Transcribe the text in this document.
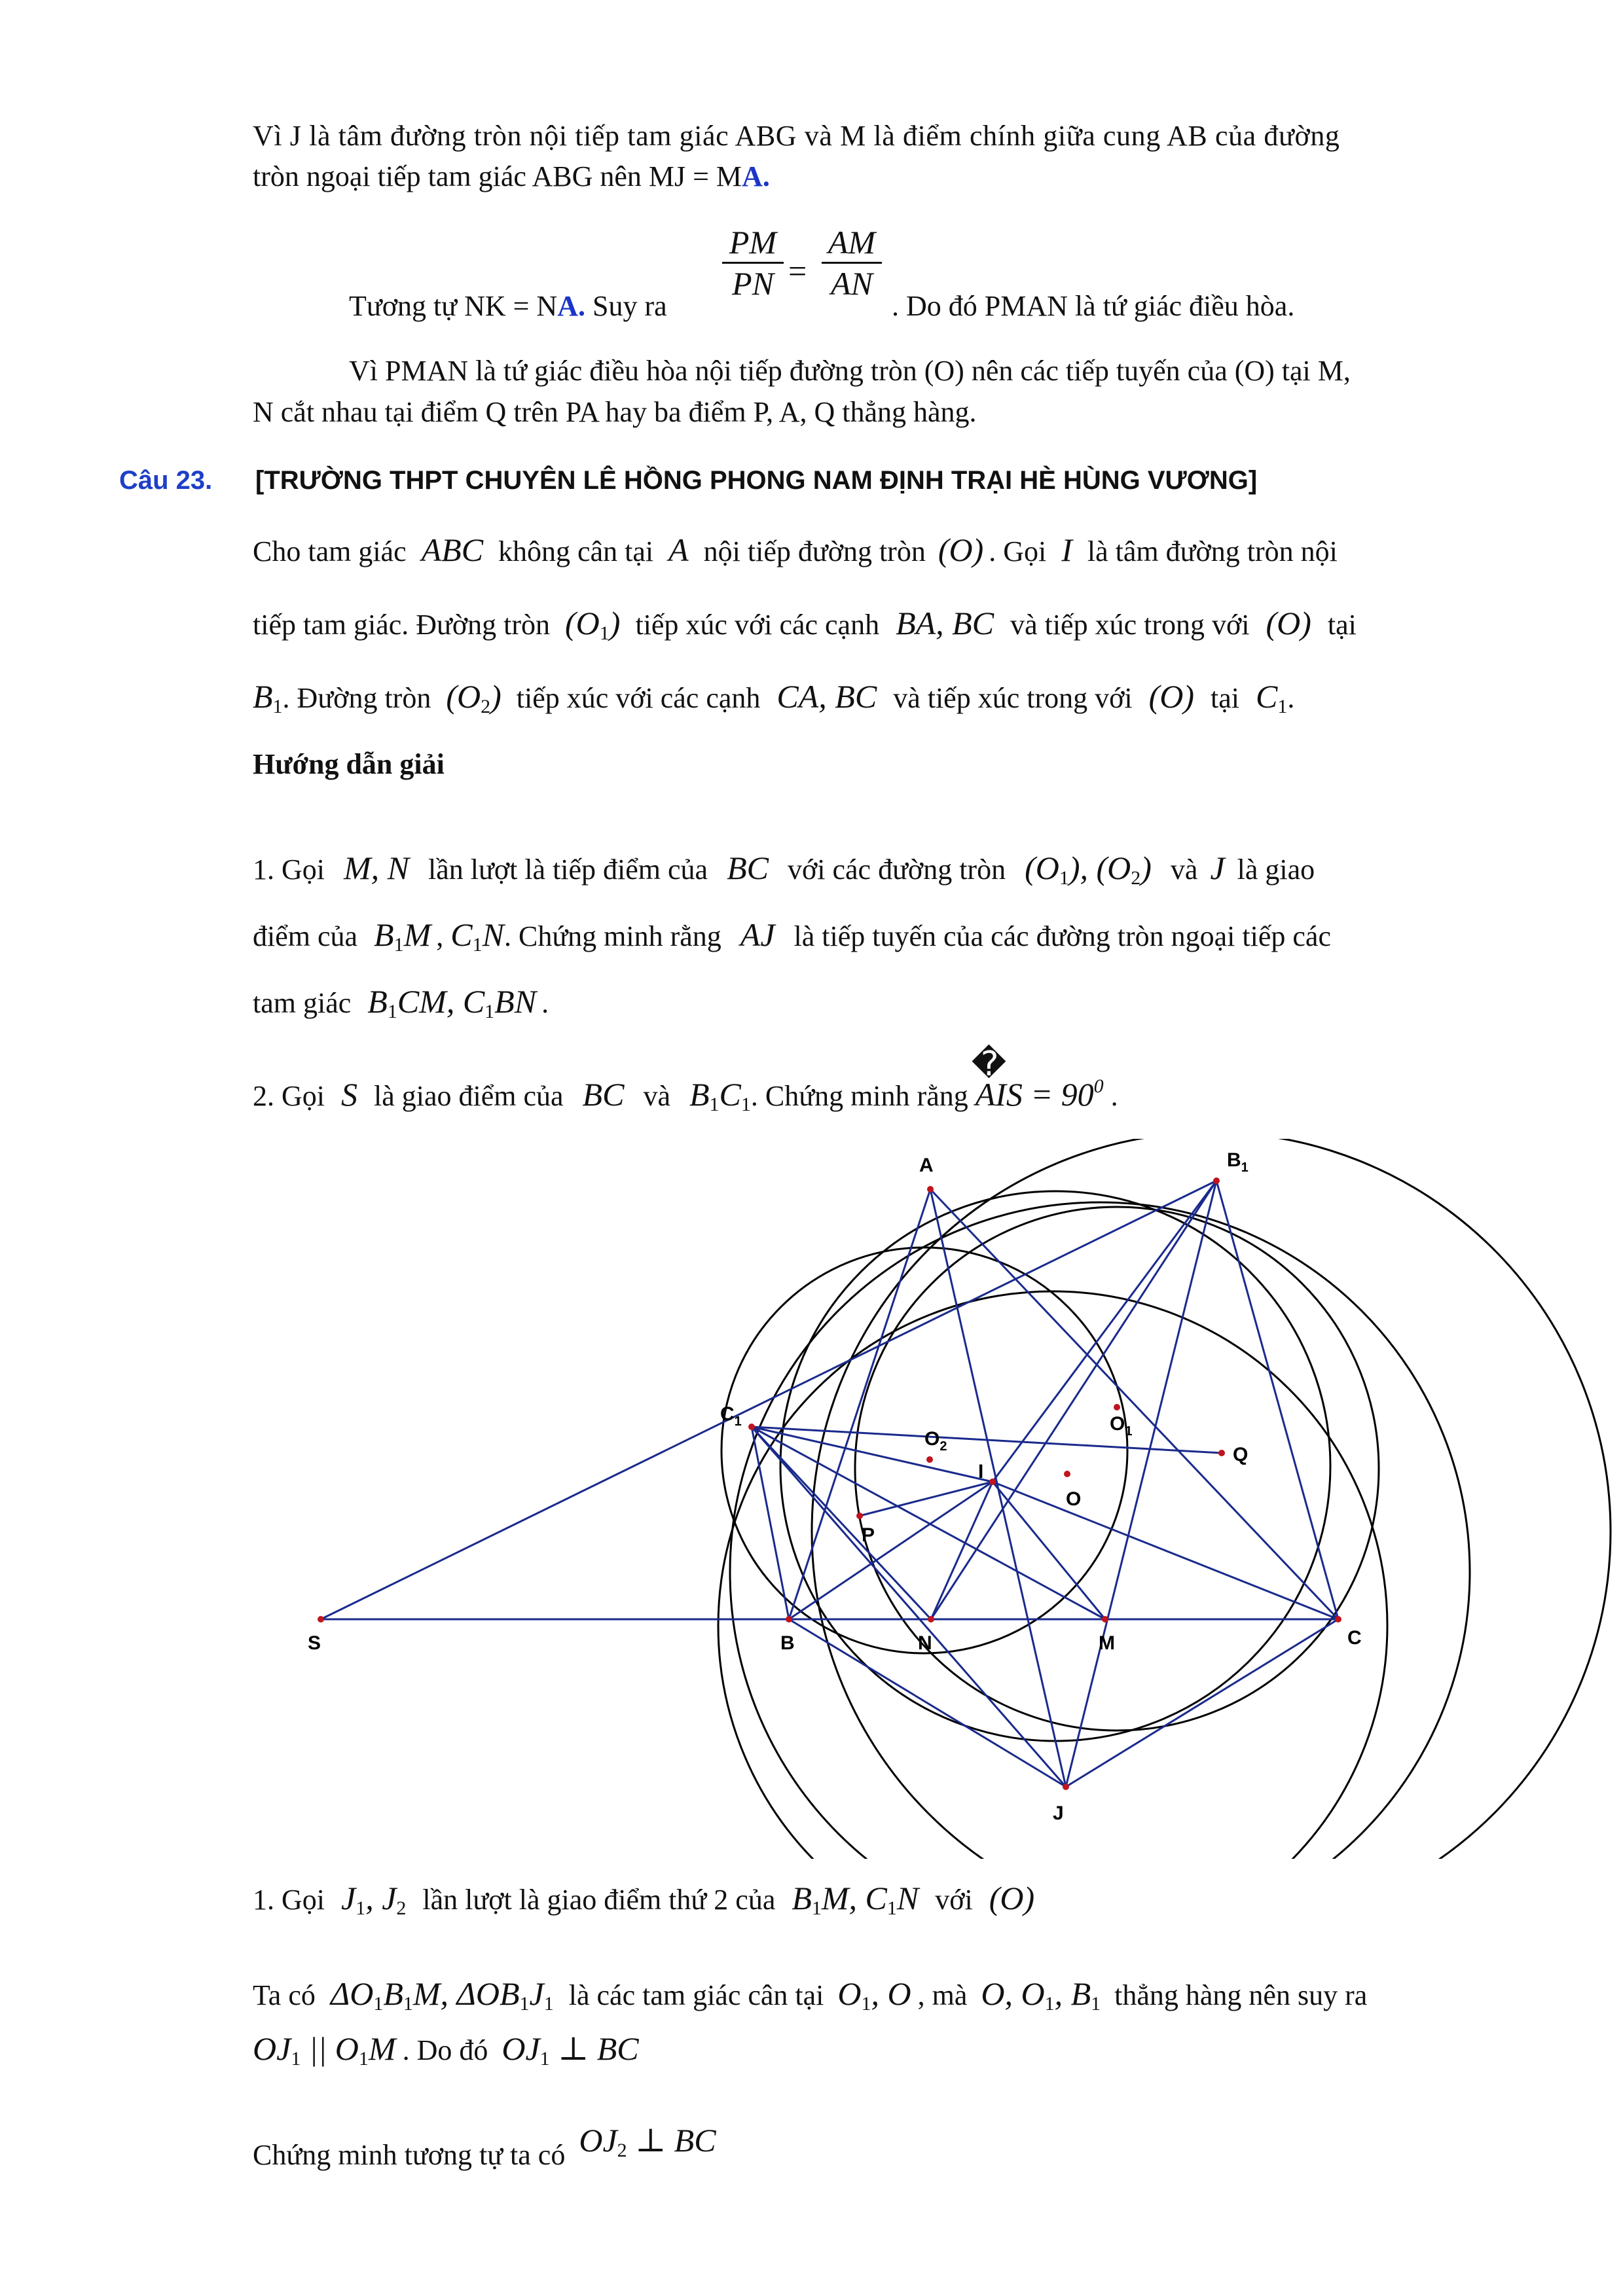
Vì J là tâm đường tròn nội tiếp tam giác ABG và M là điểm chính giữa cung AB của đường
tròn ngoại tiếp tam giác ABG nên MJ = MA.
PM
PN =
AM
AN
Tương tự NK = NA. Suy ra	. Do đó PMAN là tứ giác điều hòa.
Vì PMAN là tứ giác điều hòa nội tiếp đường tròn (O) nên các tiếp tuyến của (O) tại M,
N cắt nhau tại điểm Q trên PA hay ba điểm P, A, Q thẳng hàng.
Câu 23. [TRƯỜNG THPT CHUYÊN LÊ HỒNG PHONG NAM ĐỊNH TRẠI HÈ HÙNG VƯƠNG]
Cho tam giác ABC không cân tại A nội tiếp đường tròn (O) . Gọi I là tâm đường tròn nội
tiếp tam giác. Đường tròn $(O_1)$ tiếp xúc với các cạnh BA, BC và tiếp xúc trong với (O) tại
$B_1$. Đường tròn $(O_2)$ tiếp xúc với các cạnh CA, BC và tiếp xúc trong với (O) tại $C_1$.
Hướng dẫn giải
1. Gọi M, N lần lượt là tiếp điểm của BC với các đường tròn $(O_1)$, $(O_2)$ và J là giao
điểm của $B_1M$ , $C_1N$. Chứng minh rằng AJ là tiếp tuyến của các đường tròn ngoại tiếp các
tam giác $B_1CM$, $C_1BN$ .
2. Gọi S là giao điểm của BC và $B_1C_1$. Chứng minh rằng
�
AIS = $90^0$ .
A	$B_1$
$C_1$	$O_1$
$O_2$
I
O
Q
P
S	B	N	M	C
J
1. Gọi $J_1$, $J_2$ lần lượt là giao điểm thứ 2 của $B_1M$, $C_1N$ với (O)
Ta có $\Delta O_1B_1M$, $\Delta OB_1J_1$ là các tam giác cân tại $O_1$, O , mà O, $O_1$, $B_1$ thẳng hàng nên suy ra
$OJ_1$ || $O_1M$ . Do đó $OJ_1$ ⊥ BC
Chứng minh tương tự ta có $OJ_2$ ⊥ BC
